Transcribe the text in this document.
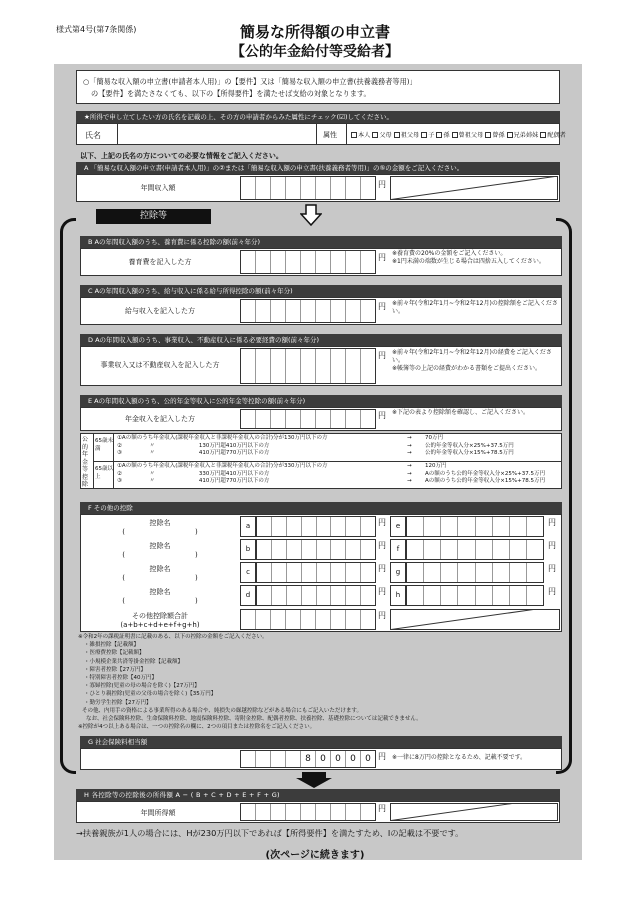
様式第4号(第7条関係)	簡易な所得額の申立書
【公的年金給付等受給者】
○「簡易な収入額の申立書(申請者本人用)」の【要件】又は「簡易な収入額の申立書(扶養義務者等用)」
の【要件】を満たさなくても、以下の【所得要件】を満たせば支給の対象となります。
★所得で申し立てしたい方の氏名を記載の上、その方の申請者からみた属性にチェック(☑)してください。
氏名	属性	本人 父母 祖父母 子 孫 曾祖父母 曾孫 兄弟姉妹 配偶者
以下、上記の氏名の方についての必要な情報をご記入ください。
A 「簡易な収入額の申立書(申請者本人用)」の②または「簡易な収入額の申立書(扶養義務者等用)」の⑤の金額をご記入ください。
年間収入額	円
控除等
B Aの年間収入額のうち、養育費に係る控除の額(前々年分)
養育費を記入した方	円 ※養育費の20%の金額をご記入ください。
※1円未満の端数が生じる場合は四捨五入してください。
C Aの年間収入額のうち、給与収入に係る給与所得控除の額(前々年分)
給与収入を記入した方	円 ※前々年(令和2年1月~令和2年12月)の控除額をご記入ください。
D Aの年間収入額のうち、事業収入、不動産収入に係る必要経費の額(前々年分)
事業収入又は不動産収入を記入した方
円 ※前々年(令和2年1月~令和2年12月)の経費をご記入ください。
※帳簿等の上記の経費がわかる書類をご提出ください。
E Aの年間収入額のうち、公的年金等収入に公的年金等控除の額(前々年分)
年金収入を記入した方	円 ※下記の表より控除額を確認し、ご記入ください。
公的年金等控除
65歳未満
65歳以上
①Aの額のうち年金収入(課税年金収入と非課税年金収入の合計)分が130万円以下の方	→	70万円
②　　　　　〃　　　　　　　　130万円超410万円以下の方	→	公的年金等収入分×25%+37.5万円
③　　　　　〃　　　　　　　　410万円超770万円以下の方	→	公的年金等収入分×15%+78.5万円
①Aの額のうち年金収入(課税年金収入と非課税年金収入の合計)分が330万円以下の方	→	120万円
②　　　　　〃　　　　　　　　330万円超410万円以下の方	→	Aの額のうち公的年金等収入分×25%+37.5万円
③　　　　　〃　　　　　　　　410万円超770万円以下の方	→	Aの額のうち公的年金等収入分×15%+78.5万円
F その他の控除
控除名
(　　　　　　　　　　)
a	円	e	円
控除名
(　　　　　　　　　　)
b	円	f	円
控除名
(　　　　　　　　　　)
c	円	g	円
控除名
(　　　　　　　　　　)
d	円	h	円
その他控除額合計
(a+b+c+d+e+f+g+h)
円
※令和2年の課税証明書に記載のある、以下の控除の金額をご記入ください。
・雑損控除【記載額】
・医療費控除【記載額】
・小規模企業共済等掛金控除【記載額】
・障害者控除【27万円】
・特別障害者控除【40万円】
・寡婦控除(児童の母の場合を除く)【27万円】
・ひとり親控除(児童の父母の場合を除く)【35万円】
・勤労学生控除【27万円】
その他、内用手の資格による事業所得のある場合や、純損失の繰越控除などがある場合にもご記入いただけます。
なお、社会保険料控除、生命保険料控除、地震保険料控除、寄附金控除、配偶者控除、扶養控除、基礎控除については記載できません。
※控除が4つ以上ある場合は、一つの控除名の欄に、2つの項目または控除名をご記入ください。
G 社会保険料相当額
8	0	0	0	0 円 ※一律に8万円の控除となるため、記載不要です。
H 各控除等の控除後の所得額 A − ( B + C + D + E + F + G)
年間所得額	円
→扶養親族が1人の場合には、Hが230万円以下であれば【所得要件】を満たすため、Iの記載は不要です。
(次ページに続きます)
